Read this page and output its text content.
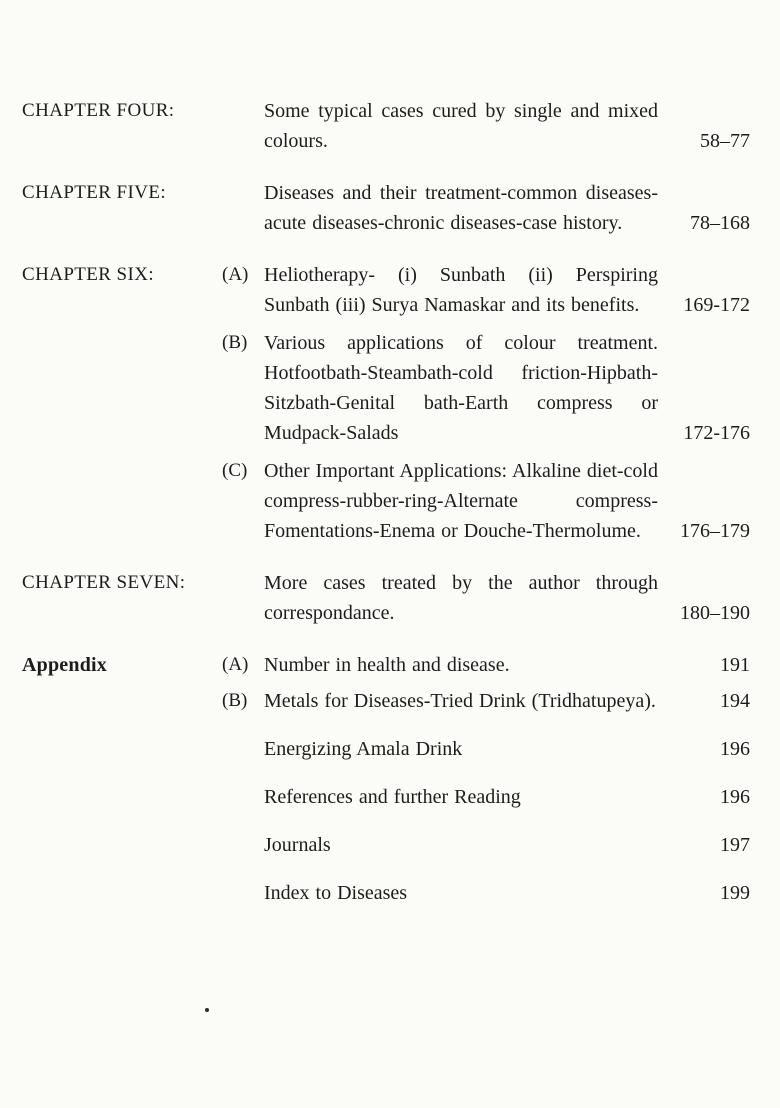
CHAPTER FOUR:	Some typical cases cured by single and mixed colours.	58–77
CHAPTER FIVE:	Diseases and their treatment-common diseases-acute diseases-chronic diseases-case history.	78–168
CHAPTER SIX:	(A) Heliotherapy- (i) Sunbath (ii) Perspiring Sunbath (iii) Surya Namaskar and its benefits.	169-172
(B) Various applications of colour treatment. Hotfootbath-Steambath-cold friction-Hipbath-Sitzbath-Genital bath-Earth compress or Mudpack-Salads	172-176
(C) Other Important Applications: Alkaline diet-cold compress-rubber-ring-Alternate compress-Fomentations-Enema or Douche-Thermolume.	176–179
CHAPTER SEVEN:	More cases treated by the author through correspondance.	180–190
Appendix	(A) Number in health and disease.	191
(B) Metals for Diseases-Tried Drink (Tridhatupeya).	194
Energizing Amala Drink	196
References and further Reading	196
Journals	197
Index to Diseases	199
